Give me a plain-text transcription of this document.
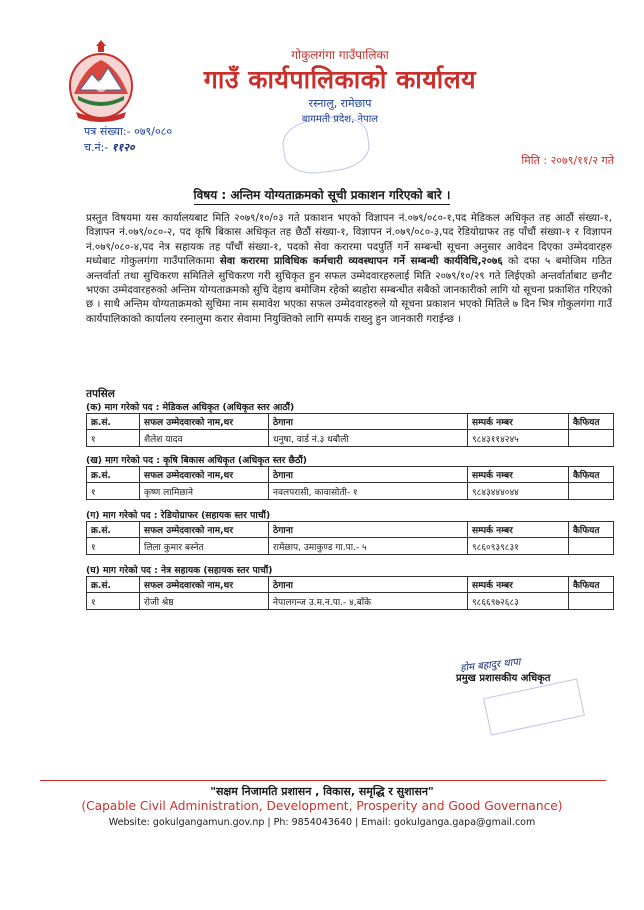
गोकुलगंगा गाउँपालिका
गाउँ कार्यपालिकाको कार्यालय
रस्नालु, रामेछाप
बागमती प्रदेश, नेपाल
पत्र संख्या:- ०७९/०८०
च.नं:- ११२०
मिति : २०७९/११/२ गते
विषय : अन्तिम योग्यताक्रमको सूची प्रकाशन गरिएको बारे ।
प्रस्तुत विषयमा यस कार्यालयबाट मिति २०७९/१०/०३ गते प्रकाशन भएको विज्ञापन नं.०७९/०८०-१,पद मेडिकल अधिकृत तह आठौं संख्या-१, विज्ञापन नं.०७९/०८०-२, पद कृषि बिकास अधिकृत तह छैठौं संख्या-१, विज्ञापन नं.०७९/०८०-३,पद रेडियोग्राफर तह पाँचौं संख्या-१ र विज्ञापन नं.०७९/०८०-४,पद नेत्र सहायक तह पाँचौं संख्या-१, पदको सेवा करारमा पदपुर्ति गर्ने सम्बन्धी सूचना अनुसार आवेदन दिएका उम्मेदवारहरु मध्येबाट गोकुलगंगा गाउँपालिकामा सेवा करारमा प्राविधिक कर्मचारी व्यवस्थापन गर्ने सम्बन्धी कार्यविधि,२०७६ को दफा ५ बमोजिम गठित अन्तर्वार्ता तथा सुचिकरण समितिले सुचिकरण गरी सुचिकृत हुन सफल उम्मेदवारहरुलाई मिति २०७९/१०/२९ गते लिईएको अन्तर्वार्ताबाट छनौट भएका उम्मेदवारहरुको अन्तिम योग्यताक्रमको सुचि देहाय बमोजिम रहेको ब्यहोरा सम्बन्धीत सबैको जानकारीको लागि यो सूचना प्रकाशित गरिएको छ । साथै अन्तिम योग्यताक्रमको सुचिमा नाम समावेश भएका सफल उम्मेदवारहरुले यो सूचना प्रकाशन भएको मितिले ७ दिन भित्र गोकुलगंगा गाउँ कार्यपालिकाको कार्यालय रस्नालुमा करार सेवामा नियुक्तिको लागि सम्पर्क राख्नु हुन जानकारी गराईन्छ ।
तपसिल
(क) माग गरेको पद : मेडिकल अधिकृत (अधिकृत स्तर आठौं)
क्र.सं.	सफल उम्मेदवारको नाम,थर	ठेगाना	सम्पर्क नम्बर	कैफियत
१	शैलेश यादव	धनुषा, वार्ड नं.३ धबौली	९८४३११४२४५	
(ख) माग गरेको पद : कृषि बिकास अधिकृत (अधिकृत स्तर छैठौं)
क्र.सं.	सफल उम्मेदवारको नाम,थर	ठेगाना	सम्पर्क नम्बर	कैफियत
१	कृष्ण लामिछाने	नवलपरासी, कावासोती- १	९८४३४४४०४४	
(ग) माग गरेको पद : रेडियोग्राफर (सहायक स्तर पाचौं)
क्र.सं.	सफल उम्मेदवारको नाम,थर	ठेगाना	सम्पर्क नम्बर	कैफियत
१	लिला कुमार बस्नेत	रामेछाप, उमाकुण्ड गा.पा.- ५	९८६०९३९८३१	
(घ) माग गरेको पद : नेत्र सहायक (सहायक स्तर पाचौं)
क्र.सं.	सफल उम्मेदवारको नाम,थर	ठेगाना	सम्पर्क नम्बर	कैफियत
१	रोजी श्रेष्ठ	नेपालगन्ज उ.म.न.पा.- ४,बाँके	९८६६९७२६८३	
होम बहादुर थापा
प्रमुख प्रशासकीय अधिकृत
"सक्षम निजामति प्रशासन , विकास, समृद्धि र सुशासन"
(Capable Civil Administration, Development, Prosperity and Good Governance)
Website: gokulgangamun.gov.np | Ph: 9854043640 | Email: gokulganga.gapa@gmail.com
